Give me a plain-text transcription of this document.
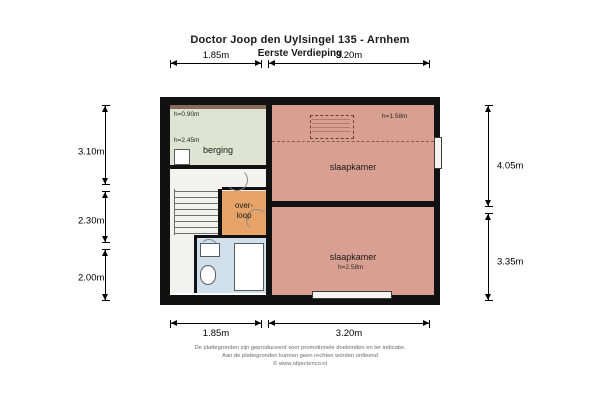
Doctor Joop den Uylsingel 135 - Arnhem
Eerste Verdieping
1.85m	3.20m
1.85m	3.20m
3.10m
2.30m
2.00m
4.05m
3.35m
h=0.90m
h=2.45m
berging
over-
loop
h=1.58m
slaapkamer
slaapkamer
h=2.58m
De plattegronden zijn geproduceerd voor promotionele doeleinden en ter indicatie.
Aan de plattegronden kunnen geen rechten worden ontleend
© www.objectenco.nl
